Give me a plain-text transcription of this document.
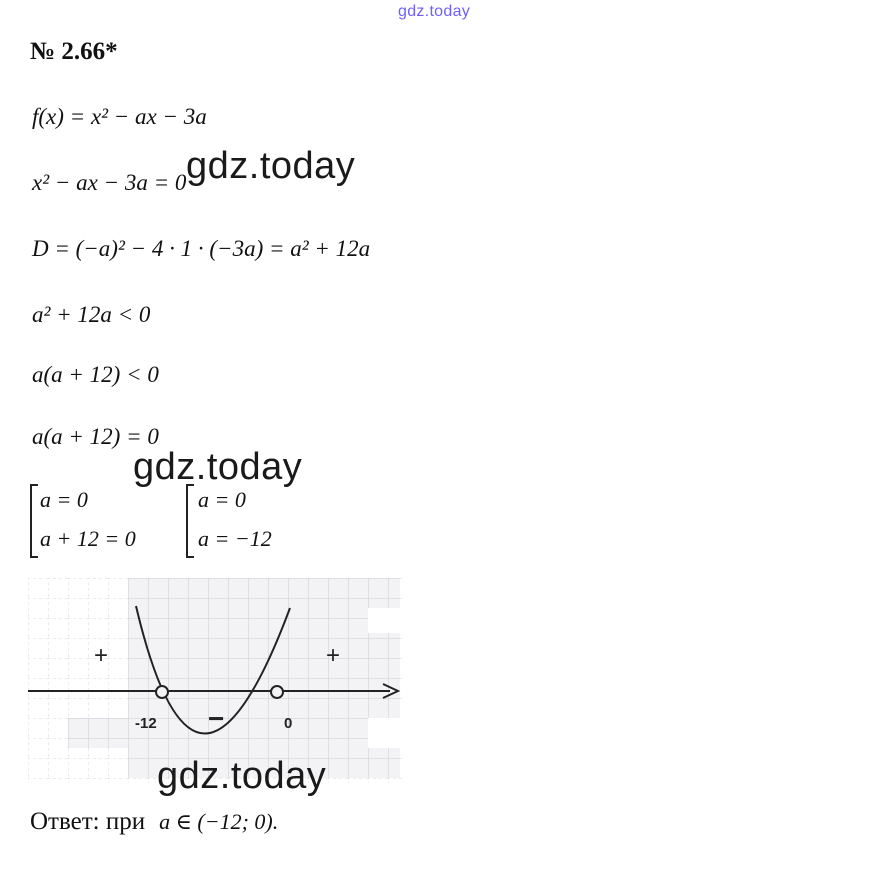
gdz.today
№ 2.66*
f(x) = x² − ax − 3a
x² − ax − 3a = 0
D = (−a)² − 4 · 1 · (−3a) = a² + 12a
a² + 12a < 0
a(a + 12) < 0
a(a + 12) = 0
gdz.today
gdz.today
a = 0
a + 12 = 0
a = 0
a = −12
+
−
+
-12	0
gdz.today
Ответ: при a ∈ (−12; 0).
